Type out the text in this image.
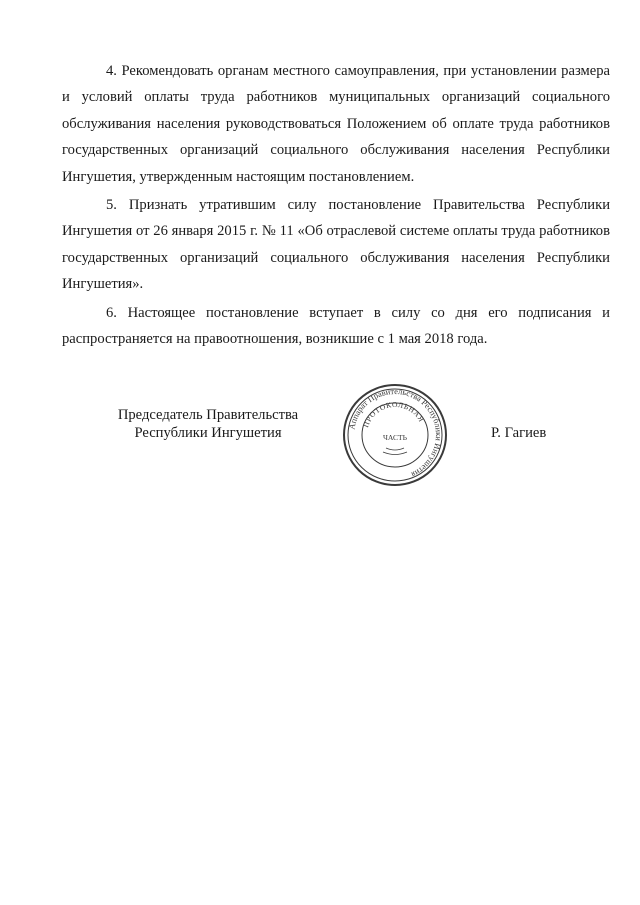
4. Рекомендовать органам местного самоуправления, при установлении размера и условий оплаты труда работников муниципальных организаций социального обслуживания населения руководствоваться Положением об оплате труда работников государственных организаций социального обслуживания населения Республики Ингушетия, утвержденным настоящим постановлением.

5. Признать утратившим силу постановление Правительства Республики Ингушетия от 26 января 2015 г. № 11 «Об отраслевой системе оплаты труда работников государственных организаций социального обслуживания населения Республики Ингушетия».

6. Настоящее постановление вступает в силу со дня его подписания и распространяется на правоотношения, возникшие с 1 мая 2018 года.

Председатель Правительства
Республики Ингушетия	Аппарат Правительства Республики Ингушетия
ПРОТОКОЛЬНАЯ
ЧАСТЬ	Р. Гагиев
